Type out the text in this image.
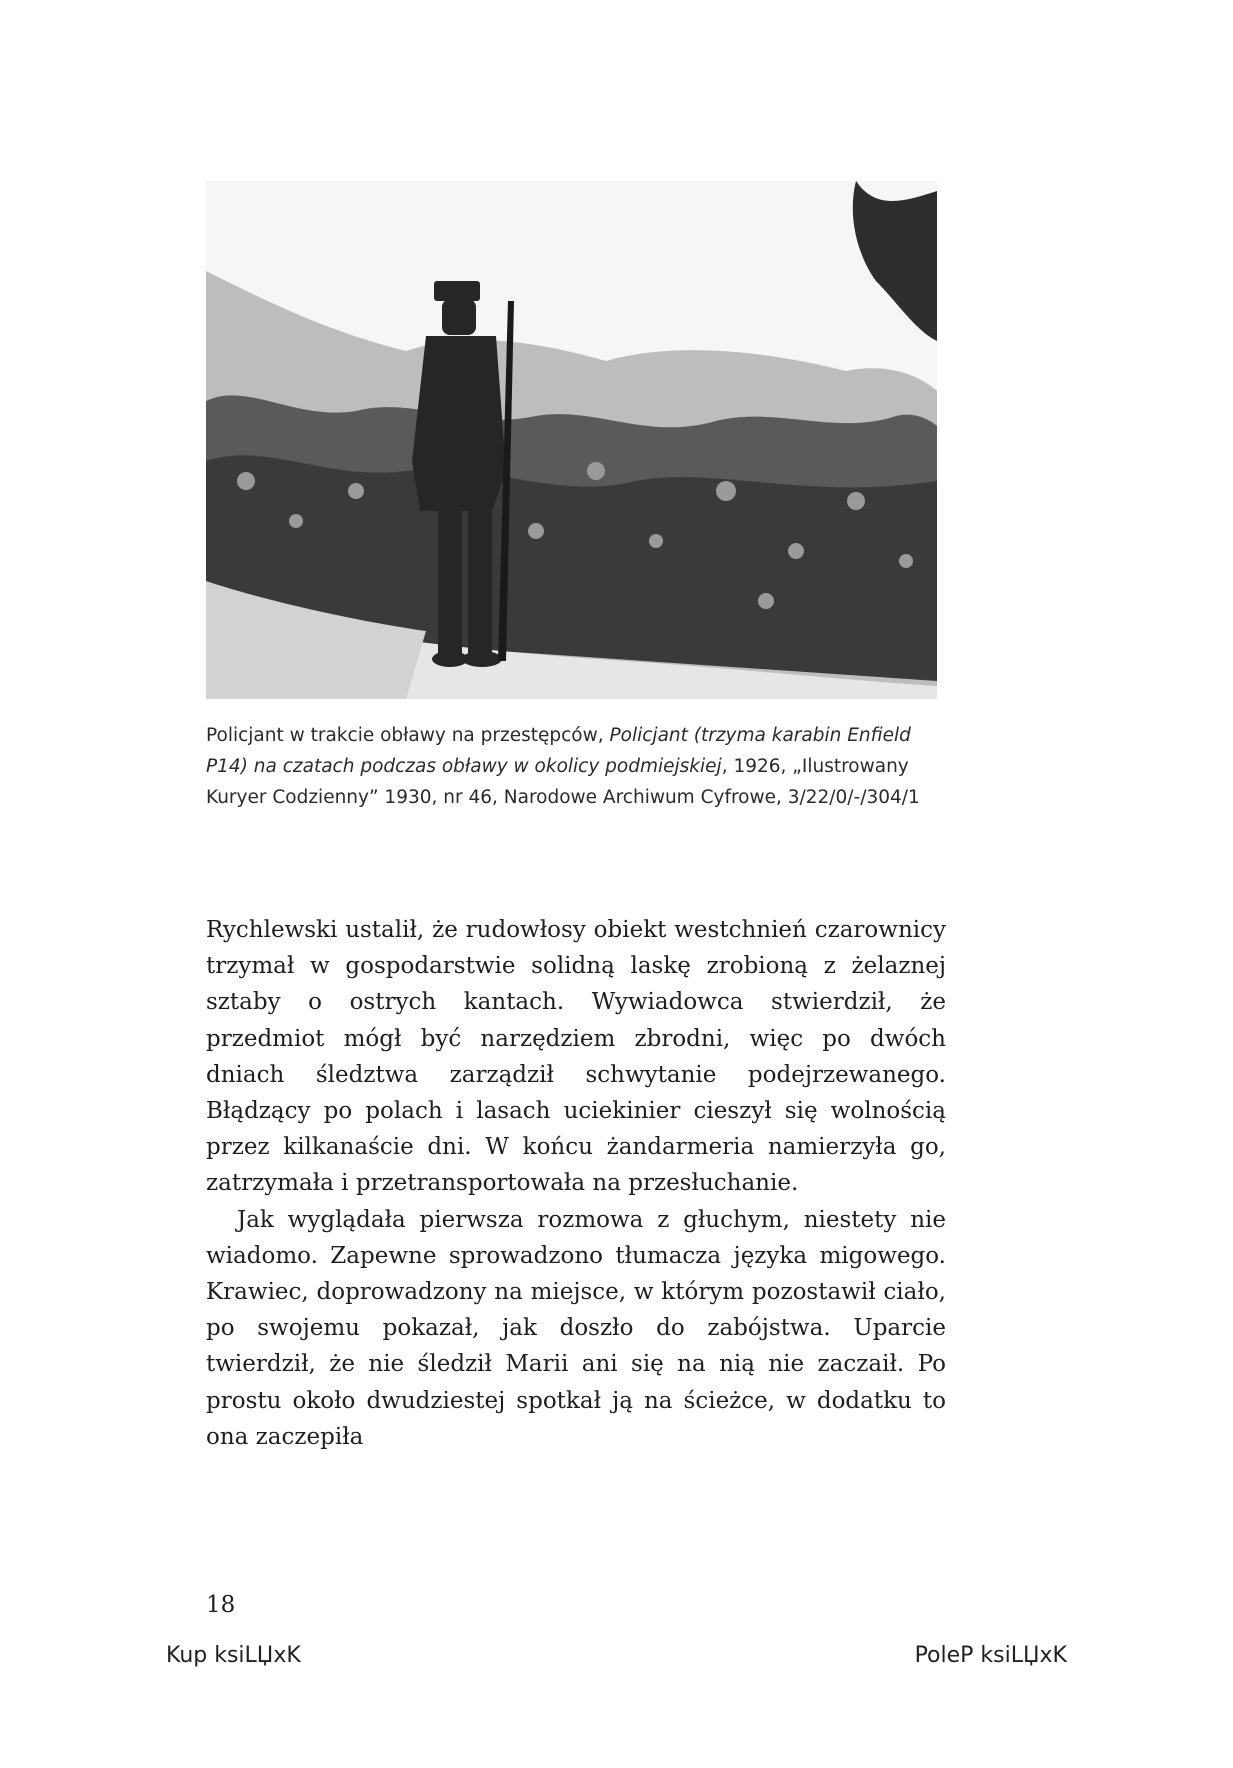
Policjant w trakcie obławy na przestępców, Policjant (trzyma karabin Enfield P14) na czatach podczas obławy w okolicy podmiejskiej, 1926, „Ilustrowany Kuryer Codzienny” 1930, nr 46, Narodowe Archiwum Cyfrowe, 3/22/0/-/304/1

Rychlewski ustalił, że rudowłosy obiekt westchnień czarownicy trzymał w gospodarstwie solidną laskę zrobioną z żelaznej sztaby o ostrych kantach. Wywiadowca stwierdził, że przedmiot mógł być narzędziem zbrodni, więc po dwóch dniach śledztwa zarządził schwytanie podejrzewanego. Błądzący po polach i lasach uciekinier cieszył się wolnością przez kilkanaście dni. W końcu żandarmeria namierzyła go, zatrzymała i przetransportowała na przesłuchanie.

Jak wyglądała pierwsza rozmowa z głuchym, niestety nie wiadomo. Zapewne sprowadzono tłumacza języka migowego. Krawiec, doprowadzony na miejsce, w którym pozostawił ciało, po swojemu pokazał, jak doszło do zabójstwa. Uparcie twierdził, że nie śledził Marii ani się na nią nie zaczaił. Po prostu około dwudziestej spotkał ją na ścieżce, w dodatku to ona zaczepiła

18
Kup ksiLЏxK	PoleP ksiLЏxK
